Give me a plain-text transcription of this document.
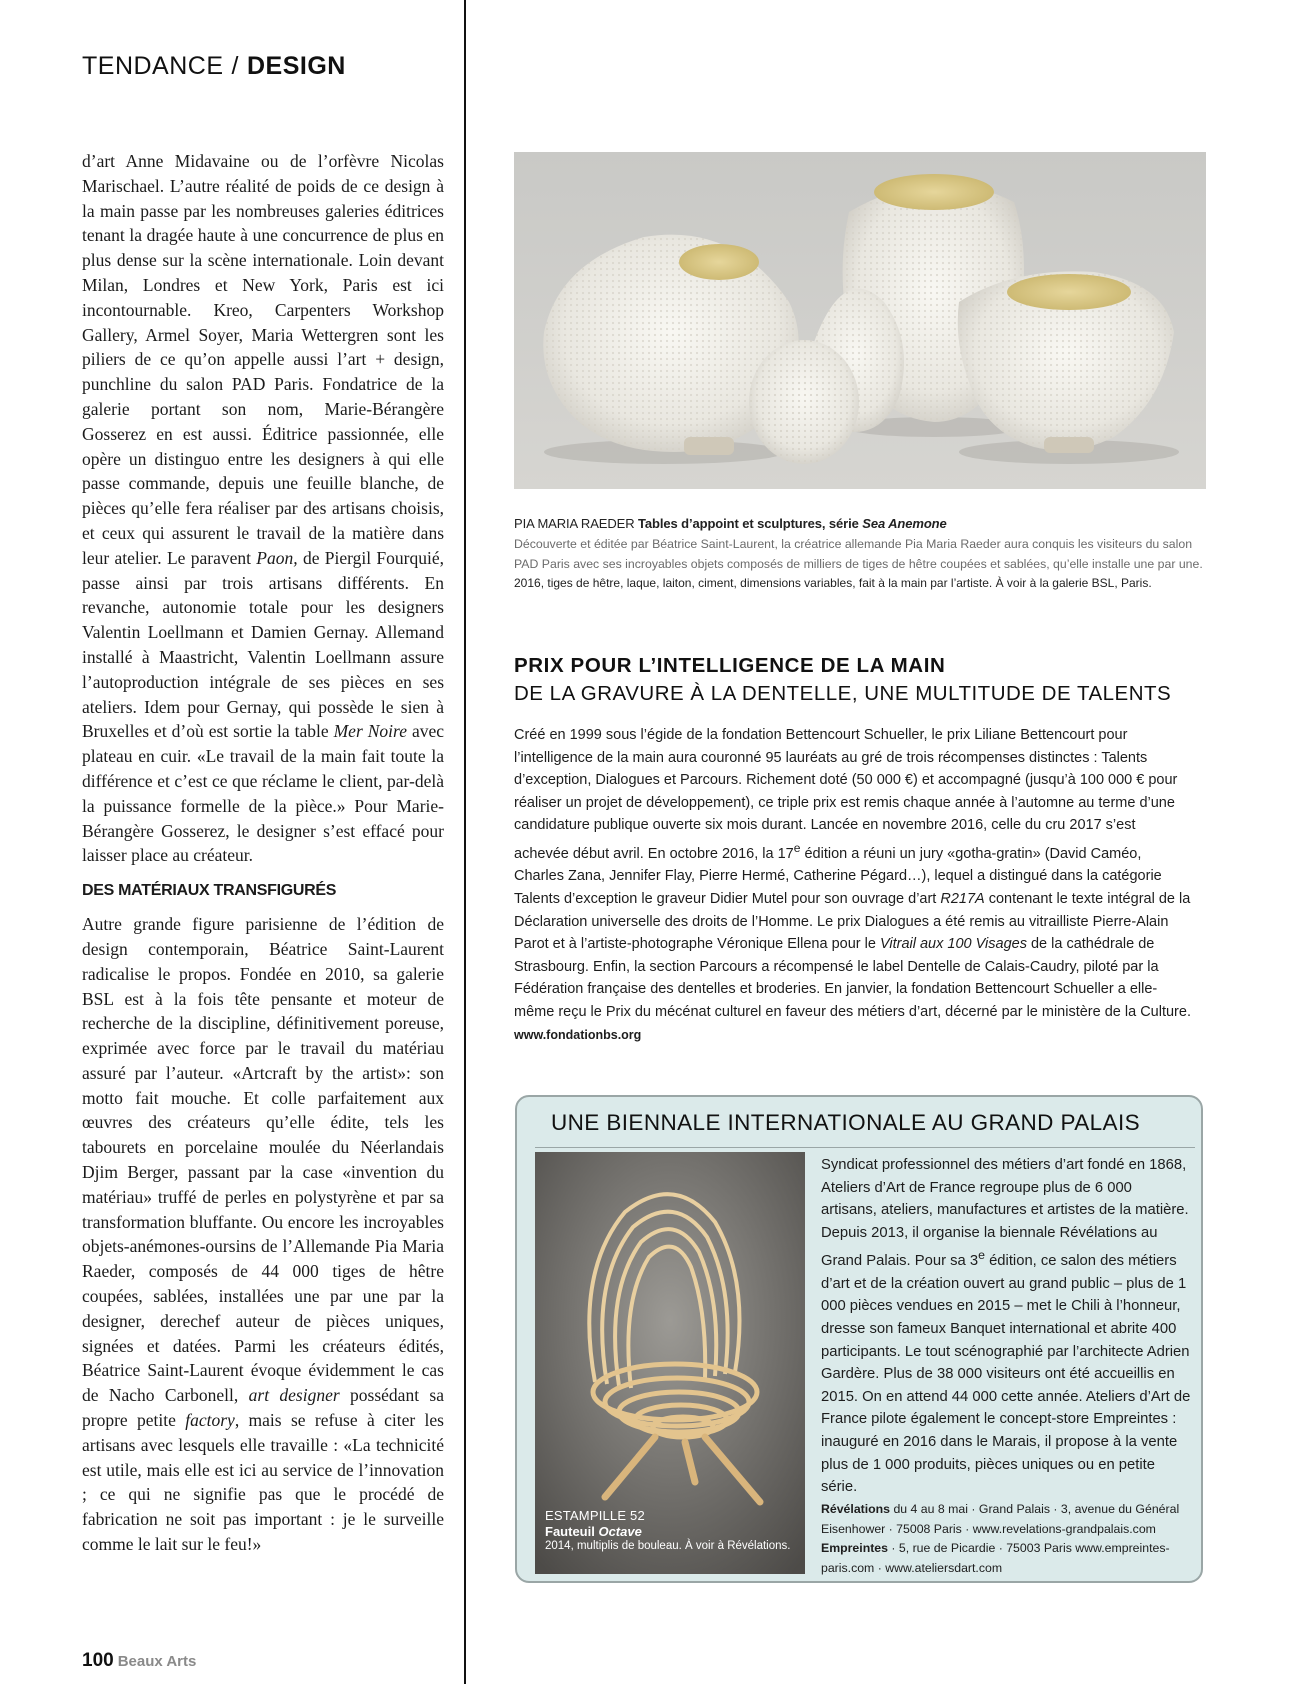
TENDANCE / DESIGN

d’art Anne Midavaine ou de l’orfèvre Nicolas Marischael. L’autre réalité de poids de ce design à la main passe par les nombreuses galeries éditrices tenant la dragée haute à une concurrence de plus en plus dense sur la scène internationale. Loin devant Milan, Londres et New York, Paris est ici incontournable. Kreo, Carpenters Workshop Gallery, Armel Soyer, Maria Wettergren sont les piliers de ce qu’on appelle aussi l’art + design, punchline du salon PAD Paris. Fondatrice de la galerie portant son nom, Marie-Bérangère Gosserez en est aussi. Éditrice passionnée, elle opère un distinguo entre les designers à qui elle passe commande, depuis une feuille blanche, de pièces qu’elle fera réaliser par des artisans choisis, et ceux qui assurent le travail de la matière dans leur atelier. Le paravent Paon, de Piergil Fourquié, passe ainsi par trois artisans différents. En revanche, autonomie totale pour les designers Valentin Loellmann et Damien Gernay. Allemand installé à Maastricht, Valentin Loellmann assure l’autoproduction intégrale de ses pièces en ses ateliers. Idem pour Gernay, qui possède le sien à Bruxelles et d’où est sortie la table Mer Noire avec plateau en cuir. «Le travail de la main fait toute la différence et c’est ce que réclame le client, par-delà la puissance formelle de la pièce.» Pour Marie-Bérangère Gosserez, le designer s’est effacé pour laisser place au créateur.

DES MATÉRIAUX TRANSFIGURÉS

Autre grande figure parisienne de l’édition de design contemporain, Béatrice Saint-Laurent radicalise le propos. Fondée en 2010, sa galerie BSL est à la fois tête pensante et moteur de recherche de la discipline, définitivement poreuse, exprimée avec force par le travail du matériau assuré par l’auteur. «Artcraft by the artist»: son motto fait mouche. Et colle parfaitement aux œuvres des créateurs qu’elle édite, tels les tabourets en porcelaine moulée du Néerlandais Djim Berger, passant par la case «invention du matériau» truffé de perles en polystyrène et par sa transformation bluffante. Ou encore les incroyables objets-anémones-oursins de l’Allemande Pia Maria Raeder, composés de 44 000 tiges de hêtre coupées, sablées, installées une par une par la designer, derechef auteur de pièces uniques, signées et datées. Parmi les créateurs édités, Béatrice Saint-Laurent évoque évidemment le cas de Nacho Carbonell, art designer possédant sa propre petite factory, mais se refuse à citer les artisans avec lesquels elle travaille : «La technicité est utile, mais elle est ici au service de l’innovation ; ce qui ne signifie pas que le procédé de fabrication ne soit pas important : je le surveille comme le lait sur le feu!»

100 Beaux Arts
PIA MARIA RAEDER Tables d’appoint et sculptures, série Sea Anemone
Découverte et éditée par Béatrice Saint-Laurent, la créatrice allemande Pia Maria Raeder aura conquis les visiteurs du salon PAD Paris avec ses incroyables objets composés de milliers de tiges de hêtre coupées et sablées, qu’elle installe une par une.
2016, tiges de hêtre, laque, laiton, ciment, dimensions variables, fait à la main par l’artiste. À voir à la galerie BSL, Paris.
PRIX POUR L’INTELLIGENCE DE LA MAIN
DE LA GRAVURE À LA DENTELLE, UNE MULTITUDE DE TALENTS
Créé en 1999 sous l’égide de la fondation Bettencourt Schueller, le prix Liliane Bettencourt pour l’intelligence de la main aura couronné 95 lauréats au gré de trois récompenses distinctes : Talents d’exception, Dialogues et Parcours. Richement doté (50 000 €) et accompagné (jusqu’à 100 000 € pour réaliser un projet de développement), ce triple prix est remis chaque année à l’automne au terme d’une candidature publique ouverte six mois durant. Lancée en novembre 2016, celle du cru 2017 s’est achevée début avril. En octobre 2016, la 17e édition a réuni un jury «gotha-gratin» (David Caméo, Charles Zana, Jennifer Flay, Pierre Hermé, Catherine Pégard…), lequel a distingué dans la catégorie Talents d’exception le graveur Didier Mutel pour son ouvrage d’art R217A contenant le texte intégral de la Déclaration universelle des droits de l’Homme. Le prix Dialogues a été remis au vitrailliste Pierre-Alain Parot et à l’artiste-photographe Véronique Ellena pour le Vitrail aux 100 Visages de la cathédrale de Strasbourg. Enfin, la section Parcours a récompensé le label Dentelle de Calais-Caudry, piloté par la Fédération française des dentelles et broderies. En janvier, la fondation Bettencourt Schueller a elle-même reçu le Prix du mécénat culturel en faveur des métiers d’art, décerné par le ministère de la Culture. www.fondationbs.org
UNE BIENNALE INTERNATIONALE AU GRAND PALAIS
ESTAMPILLE 52
Fauteuil Octave
2014, multiplis de bouleau. À voir à Révélations.
Syndicat professionnel des métiers d’art fondé en 1868, Ateliers d’Art de France regroupe plus de 6 000 artisans, ateliers, manufactures et artistes de la matière. Depuis 2013, il organise la biennale Révélations au Grand Palais. Pour sa 3e édition, ce salon des métiers d’art et de la création ouvert au grand public – plus de 1 000 pièces vendues en 2015 – met le Chili à l’honneur, dresse son fameux Banquet international et abrite 400 participants. Le tout scénographié par l’architecte Adrien Gardère. Plus de 38 000 visiteurs ont été accueillis en 2015. On en attend 44 000 cette année. Ateliers d’Art de France pilote également le concept-store Empreintes : inauguré en 2016 dans le Marais, il propose à la vente plus de 1 000 produits, pièces uniques ou en petite série.
Révélations du 4 au 8 mai · Grand Palais · 3, avenue du Général Eisenhower · 75008 Paris · www.revelations-grandpalais.com
Empreintes · 5, rue de Picardie · 75003 Paris www.empreintes-paris.com · www.ateliersdart.com
